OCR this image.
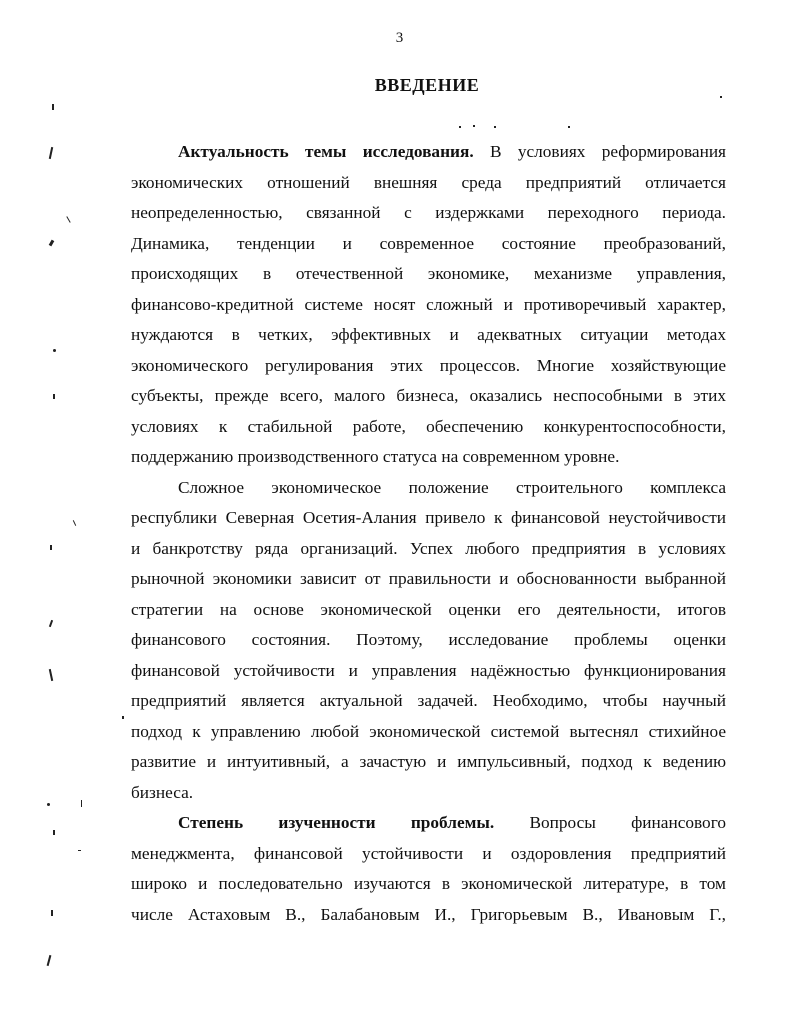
3
ВВЕДЕНИЕ
Актуальность темы исследования. В условиях реформирования
экономических отношений внешняя среда предприятий отличается
неопределенностью, связанной с издержками переходного периода.
Динамика, тенденции и современное состояние преобразований,
происходящих в отечественной экономике, механизме управления,
финансово-кредитной системе носят сложный и противоречивый характер,
нуждаются в четких, эффективных и адекватных ситуации методах
экономического регулирования этих процессов. Многие хозяйствующие
субъекты, прежде всего, малого бизнеса, оказались неспособными в этих
условиях к стабильной работе, обеспечению конкурентоспособности,
поддержанию производственного статуса на современном уровне.
Сложное экономическое положение строительного комплекса
республики Северная Осетия-Алания привело к финансовой неустойчивости
и банкротству ряда организаций. Успех любого предприятия в условиях
рыночной экономики зависит от правильности и обоснованности выбранной
стратегии на основе экономической оценки его деятельности, итогов
финансового состояния. Поэтому, исследование проблемы оценки
финансовой устойчивости и управления надёжностью функционирования
предприятий является актуальной задачей. Необходимо, чтобы научный
подход к управлению любой экономической системой вытеснял стихийное
развитие и интуитивный, а зачастую и импульсивный, подход к ведению
бизнеса.
Степень изученности проблемы. Вопросы финансового
менеджмента, финансовой устойчивости и оздоровления предприятий
широко и последовательно изучаются в экономической литературе, в том
числе Астаховым В., Балабановым И., Григорьевым В., Ивановым Г.,
